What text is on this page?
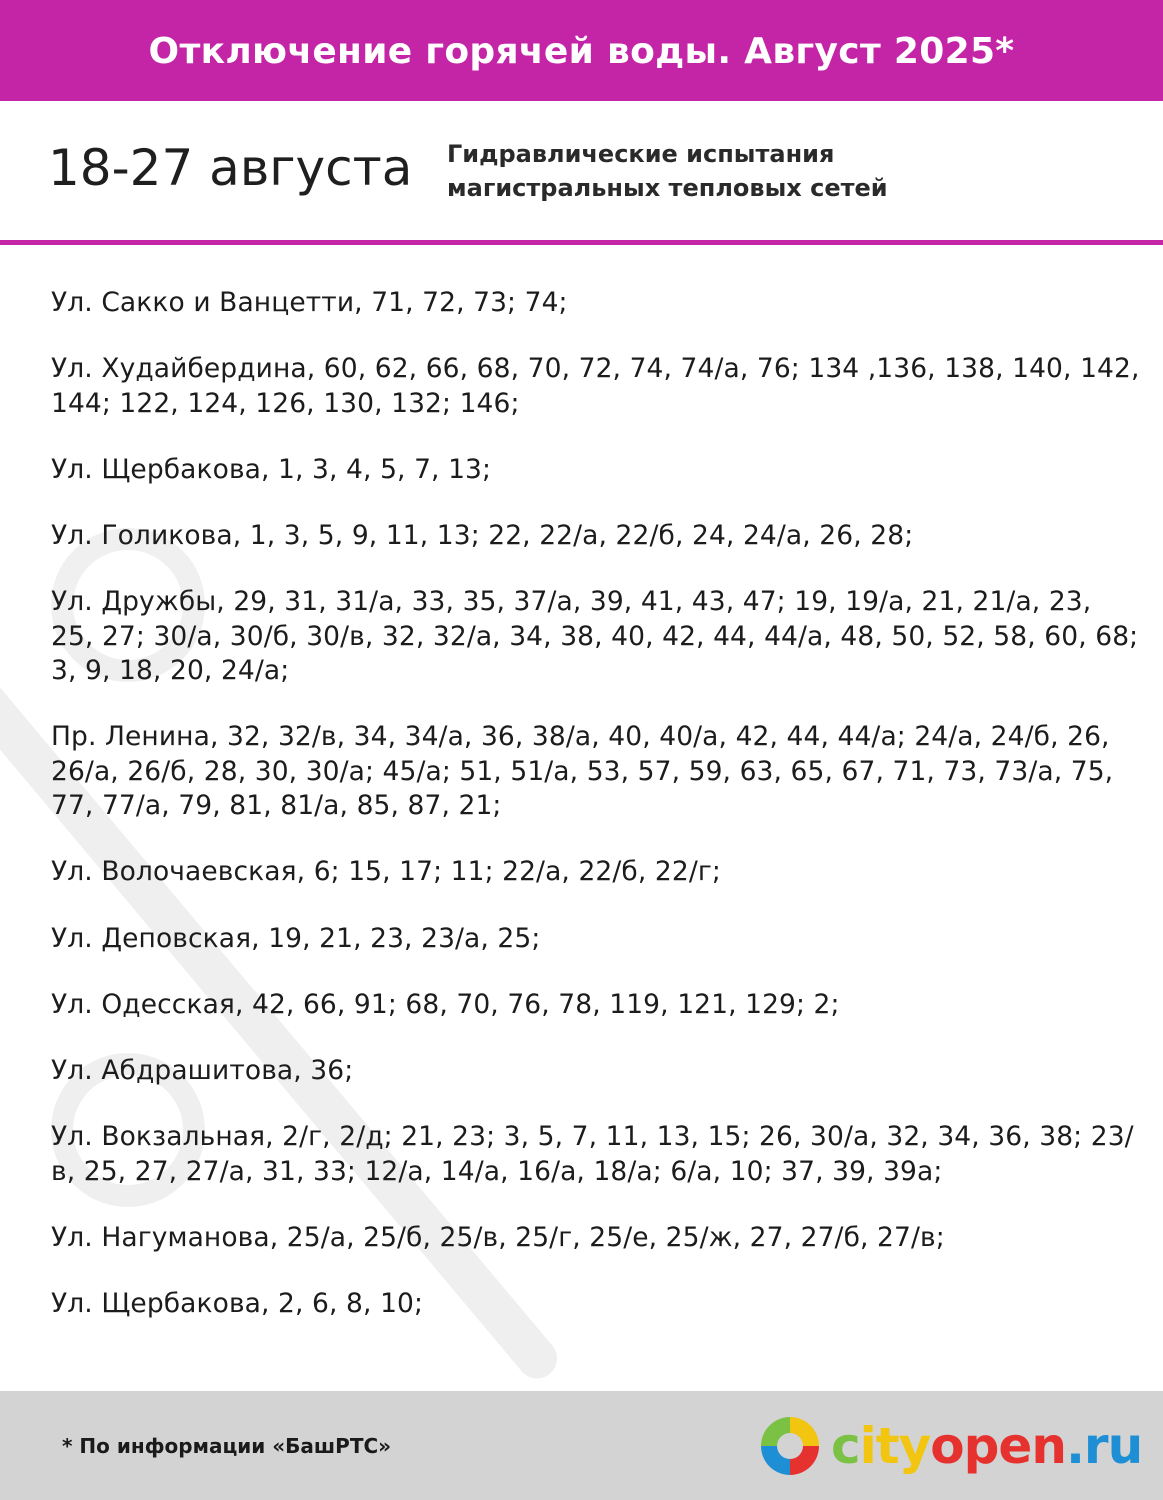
Отключение горячей воды. Август 2025*
18-27 августа Гидравлические испытания
магистральных тепловых сетей
Ул. Сакко и Ванцетти, 71, 72, 73; 74;
Ул. Худайбердина, 60, 62, 66, 68, 70, 72, 74, 74/а, 76; 134 ,136, 138, 140, 142, 144; 122, 124, 126, 130, 132; 146;
Ул. Щербакова, 1, 3, 4, 5, 7, 13;
Ул. Голикова, 1, 3, 5, 9, 11, 13; 22, 22/а, 22/б, 24, 24/а, 26, 28;
Ул. Дружбы, 29, 31, 31/а, 33, 35, 37/а, 39, 41, 43, 47; 19, 19/а, 21, 21/а, 23, 25, 27; 30/а, 30/б, 30/в, 32, 32/а, 34, 38, 40, 42, 44, 44/а, 48, 50, 52, 58, 60, 68; 3, 9, 18, 20, 24/а;
Пр. Ленина, 32, 32/в, 34, 34/а, 36, 38/а, 40, 40/а, 42, 44, 44/а; 24/а, 24/б, 26, 26/а, 26/б, 28, 30, 30/а; 45/а; 51, 51/а, 53, 57, 59, 63, 65, 67, 71, 73, 73/а, 75, 77, 77/а, 79, 81, 81/а, 85, 87, 21;
Ул. Волочаевская, 6; 15, 17; 11; 22/а, 22/б, 22/г;
Ул. Деповская, 19, 21, 23, 23/а, 25;
Ул. Одесская, 42, 66, 91; 68, 70, 76, 78, 119, 121, 129; 2;
Ул. Абдрашитова, 36;
Ул. Вокзальная, 2/г, 2/д; 21, 23; 3, 5, 7, 11, 13, 15; 26, 30/а, 32, 34, 36, 38; 23/в, 25, 27, 27/а, 31, 33; 12/а, 14/а, 16/а, 18/а; 6/а, 10; 37, 39, 39а;
Ул. Нагуманова, 25/а, 25/б, 25/в, 25/г, 25/е, 25/ж, 27, 27/б, 27/в;
Ул. Щербакова, 2, 6, 8, 10;
* По информации «БашРТС»	cityopen.ru
